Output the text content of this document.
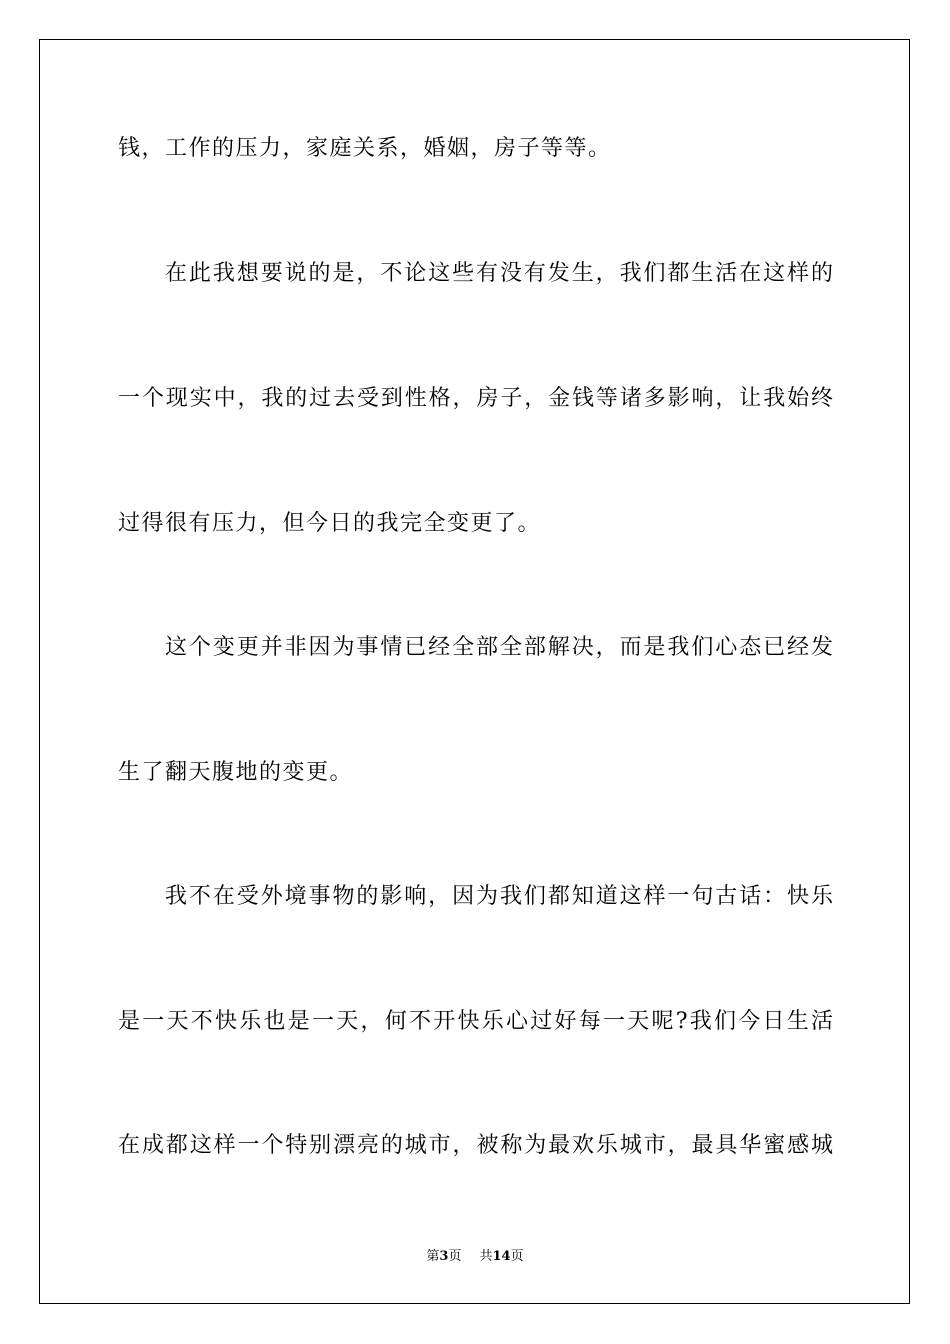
钱，工作的压力，家庭关系，婚姻，房子等等。
在此我想要说的是，不论这些有没有发生，我们都生活在这样的
一个现实中，我的过去受到性格，房子，金钱等诸多影响，让我始终
过得很有压力，但今日的我完全变更了。
这个变更并非因为事情已经全部全部解决，而是我们心态已经发
生了翻天腹地的变更。
我不在受外境事物的影响，因为我们都知道这样一句古话：快乐
是一天不快乐也是一天，何不开快乐心过好每一天呢?我们今日生活
在成都这样一个特别漂亮的城市，被称为最欢乐城市，最具华蜜感城
第3页 共14页
